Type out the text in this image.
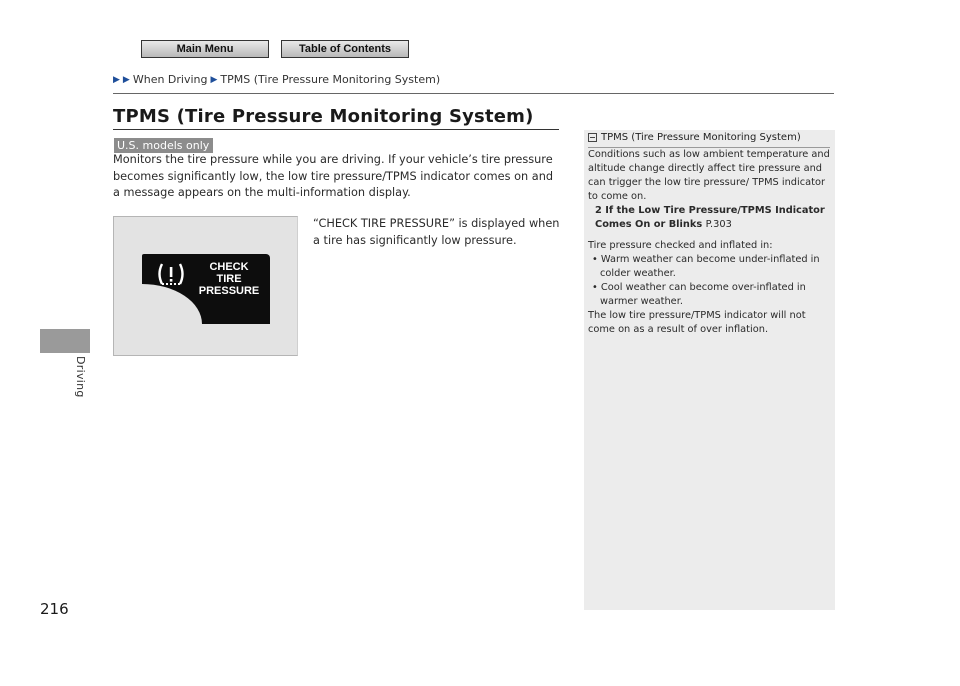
Main Menu	Table of Contents
▶ ▶ When Driving ▶ TPMS (Tire Pressure Monitoring System)
TPMS (Tire Pressure Monitoring System)
U.S. models only
Monitors the tire pressure while you are driving. If your vehicle’s tire pressure becomes significantly low, the low tire pressure/TPMS indicator comes on and a message appears on the multi-information display.
CHECK
TIRE
PRESSURE
“CHECK TIRE PRESSURE” is displayed when a tire has significantly low pressure.
Driving
216
TPMS (Tire Pressure Monitoring System)

Conditions such as low ambient temperature and altitude change directly affect tire pressure and can trigger the low tire pressure/ TPMS indicator to come on.

2 If the Low Tire Pressure/TPMS Indicator Comes On or Blinks P.303

Tire pressure checked and inflated in:

• Warm weather can become under-inflated in colder weather.

• Cool weather can become over-inflated in warmer weather.

The low tire pressure/TPMS indicator will not come on as a result of over inflation.
